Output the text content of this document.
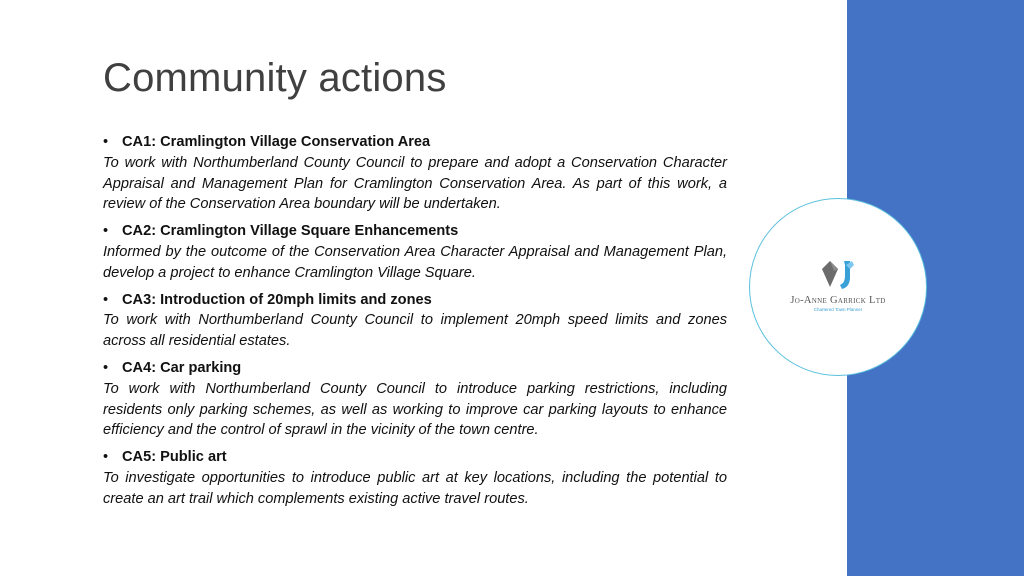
Community actions
• CA1: Cramlington Village Conservation Area
To work with Northumberland County Council to prepare and adopt a Conservation Character Appraisal and Management Plan for Cramlington Conservation Area. As part of this work, a review of the Conservation Area boundary will be undertaken.
• CA2: Cramlington Village Square Enhancements
Informed by the outcome of the Conservation Area Character Appraisal and Management Plan, develop a project to enhance Cramlington Village Square.
• CA3: Introduction of 20mph limits and zones
To work with Northumberland County Council to implement 20mph speed limits and zones across all residential estates.
• CA4: Car parking
To work with Northumberland County Council to introduce parking restrictions, including residents only parking schemes, as well as working to improve car parking layouts to enhance efficiency and the control of sprawl in the vicinity of the town centre.
• CA5: Public art
To investigate opportunities to introduce public art at key locations, including the potential to create an art trail which complements existing active travel routes.
Jo-Anne Garrick Ltd
Chartered Town Planner
